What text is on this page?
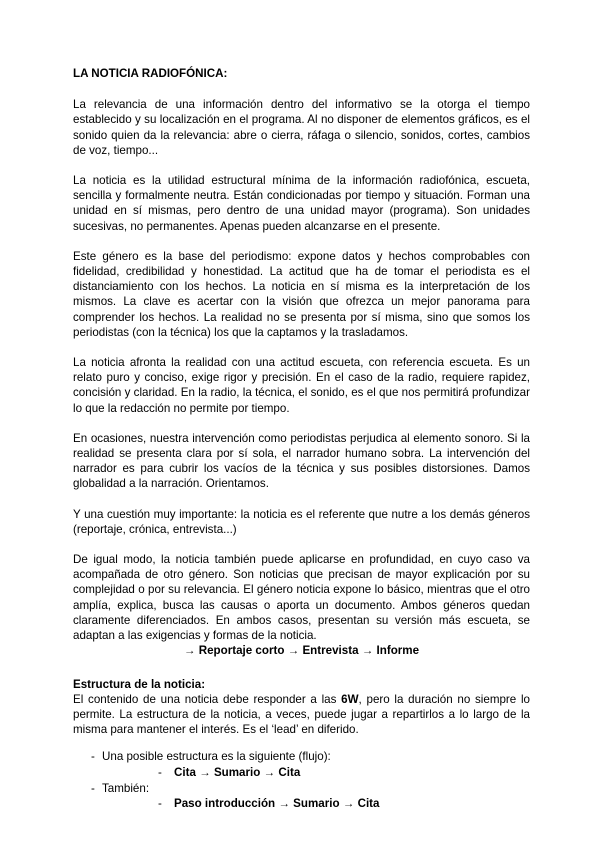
LA NOTICIA RADIOFÓNICA:

La relevancia de una información dentro del informativo se la otorga el tiempo establecido y su localización en el programa. Al no disponer de elementos gráficos, es el sonido quien da la relevancia: abre o cierra, ráfaga o silencio, sonidos, cortes, cambios de voz, tiempo...

La noticia es la utilidad estructural mínima de la información radiofónica, escueta, sencilla y formalmente neutra. Están condicionadas por tiempo y situación. Forman una unidad en sí mismas, pero dentro de una unidad mayor (programa). Son unidades sucesivas, no permanentes. Apenas pueden alcanzarse en el presente.

Este género es la base del periodismo: expone datos y hechos comprobables con fidelidad, credibilidad y honestidad. La actitud que ha de tomar el periodista es el distanciamiento con los hechos. La noticia en sí misma es la interpretación de los mismos. La clave es acertar con la visión que ofrezca un mejor panorama para comprender los hechos. La realidad no se presenta por sí misma, sino que somos los periodistas (con la técnica) los que la captamos y la trasladamos.

La noticia afronta la realidad con una actitud escueta, con referencia escueta. Es un relato puro y conciso, exige rigor y precisión. En el caso de la radio, requiere rapidez, concisión y claridad. En la radio, la técnica, el sonido, es el que nos permitirá profundizar lo que la redacción no permite por tiempo.

En ocasiones, nuestra intervención como periodistas perjudica al elemento sonoro. Si la realidad se presenta clara por sí sola, el narrador humano sobra. La intervención del narrador es para cubrir los vacíos de la técnica y sus posibles distorsiones. Damos globalidad a la narración. Orientamos.

Y una cuestión muy importante: la noticia es el referente que nutre a los demás géneros (reportaje, crónica, entrevista...)

De igual modo, la noticia también puede aplicarse en profundidad, en cuyo caso va acompañada de otro género. Son noticias que precisan de mayor explicación por su complejidad o por su relevancia. El género noticia expone lo básico, mientras que el otro amplía, explica, busca las causas o aporta un documento. Ambos géneros quedan claramente diferenciados. En ambos casos, presentan su versión más escueta, se adaptan a las exigencias y formas de la noticia.

→ Reportaje corto → Entrevista → Informe
Estructura de la noticia:

El contenido de una noticia debe responder a las 6W, pero la duración no siempre lo permite. La estructura de la noticia, a veces, puede jugar a repartirlos a lo largo de la misma para mantener el interés. Es el ‘lead’ en diferido.

- Una posible estructura es la siguiente (flujo):
- Cita → Sumario → Cita
- También:
- Paso introducción → Sumario → Cita
